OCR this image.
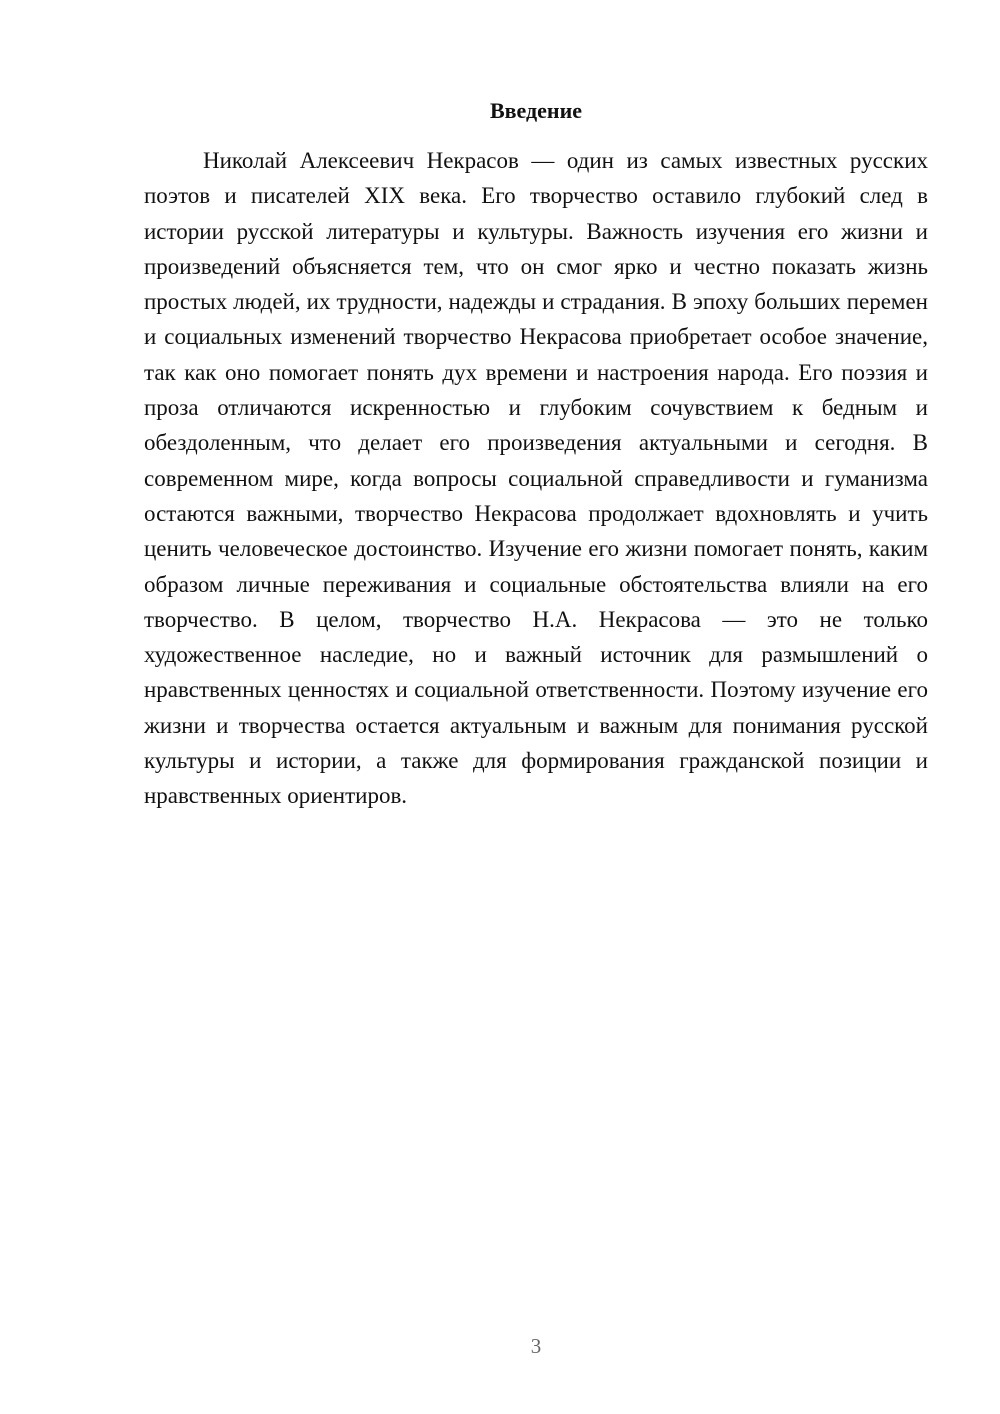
Введение

Николай Алексеевич Некрасов — один из самых известных русских поэтов и писателей XIX века. Его творчество оставило глубокий след в истории русской литературы и культуры. Важность изучения его жизни и произведений объясняется тем, что он смог ярко и честно показать жизнь простых людей, их трудности, надежды и страдания. В эпоху больших перемен и социальных изменений творчество Некрасова приобретает особое значение, так как оно помогает понять дух времени и настроения народа. Его поэзия и проза отличаются искренностью и глубоким сочувствием к бедным и обездоленным, что делает его произведения актуальными и сегодня. В современном мире, когда вопросы социальной справедливости и гуманизма остаются важными, творчество Некрасова продолжает вдохновлять и учить ценить человеческое достоинство. Изучение его жизни помогает понять, каким образом личные переживания и социальные обстоятельства влияли на его творчество. В целом, творчество Н.А. Некрасова — это не только художественное наследие, но и важный источник для размышлений о нравственных ценностях и социальной ответственности. Поэтому изучение его жизни и творчества остается актуальным и важным для понимания русской культуры и истории, а также для формирования гражданской позиции и нравственных ориентиров.

3
